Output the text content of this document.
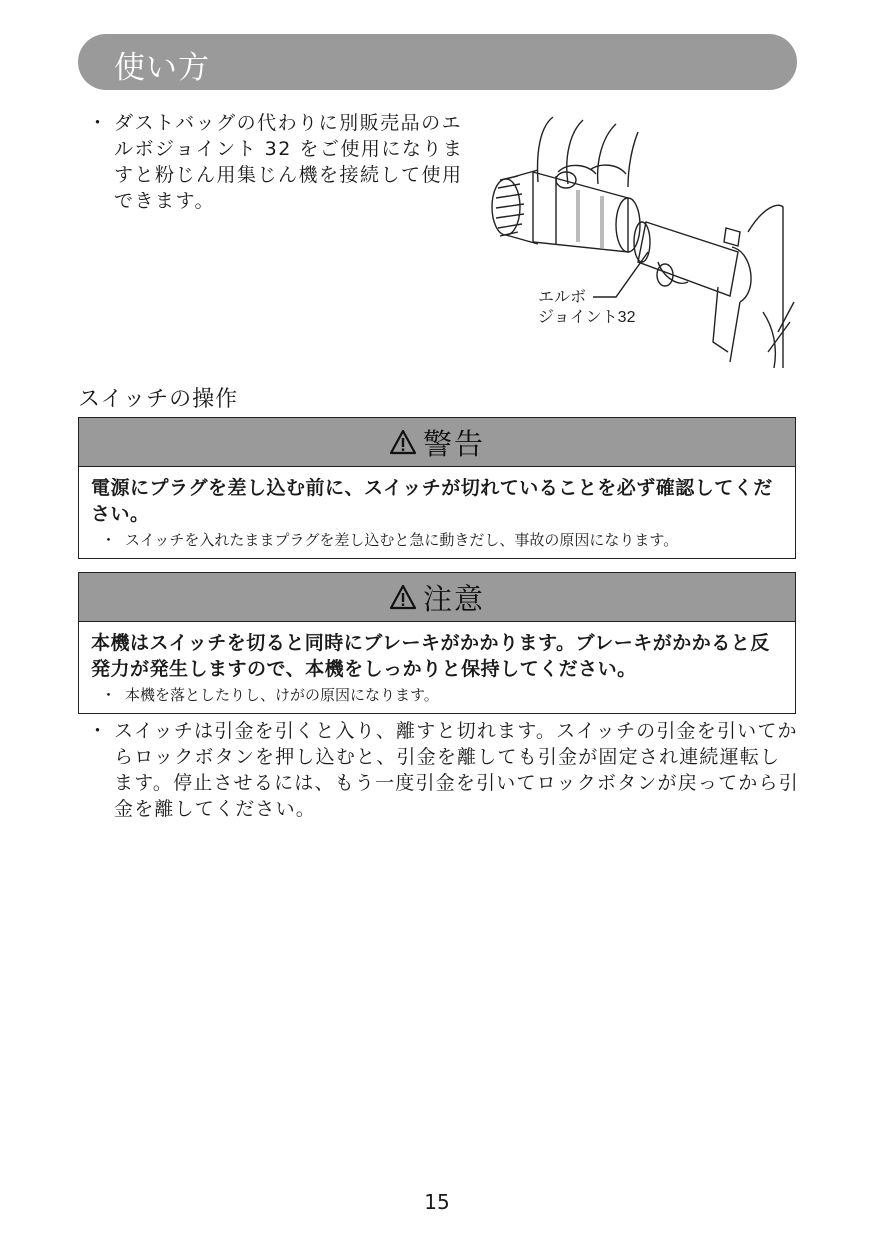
使い方
・ ダストバッグの代わりに別販売品のエルボジョイント 32 をご使用になりますと粉じん用集じん機を接続して使用できます。
エルボ
ジョイント32
スイッチの操作
警告
電源にプラグを差し込む前に、スイッチが切れていることを必ず確認してください。
・ スイッチを入れたままプラグを差し込むと急に動きだし、事故の原因になります。
注意
本機はスイッチを切ると同時にブレーキがかかります。ブレーキがかかると反発力が発生しますので、本機をしっかりと保持してください。
・ 本機を落としたりし、けがの原因になります。
・ スイッチは引金を引くと入り、離すと切れます。スイッチの引金を引いてからロックボタンを押し込むと、引金を離しても引金が固定され連続運転します。停止させるには、もう一度引金を引いてロックボタンが戻ってから引金を離してください。
15
